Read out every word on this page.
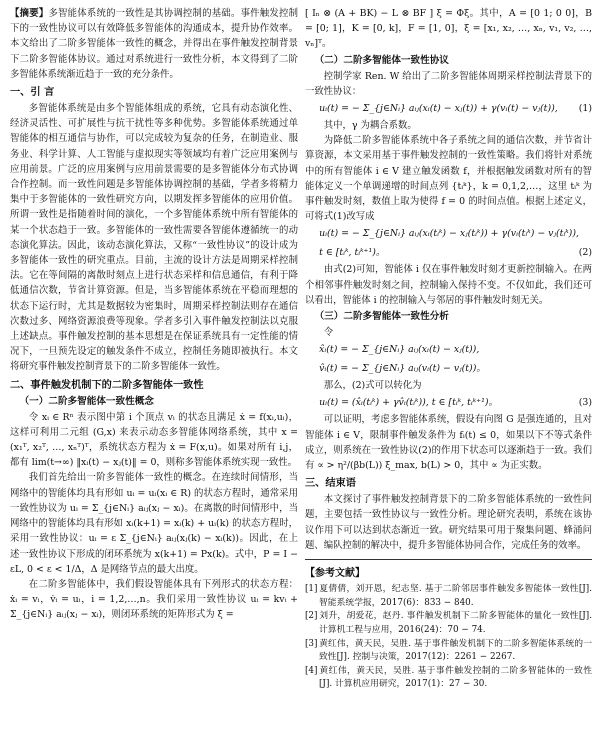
【摘要】多智能体系统的一致性是其协调控制的基础。事件触发控制下的一致性协议可以有效降低多智能体的沟通成本，提升协作效率。本文给出了二阶多智能体一致性的概念，并得出在事件触发控制背景下二阶多智能体协议。通过对系统进行一致性分析，本文得到了二阶多智能体系统渐近趋于一致的充分条件。

一、引 言

多智能体系统是由多个智能体组成的系统，它具有动态演化性、经济灵活性、可扩展性与抗干扰性等多种优势。多智能体系统通过单智能体的相互通信与协作，可以完成较为复杂的任务，在制造业、服务业、科学计算、人工智能与虚拟现实等领域均有着广泛应用案例与应用前景。广泛的应用案例与应用前景需要的是多智能体分布式协调合作控制。而一致性问题是多智能体协调控制的基础，学者多将精力集中于多智能体的一致性研究方向，以期发挥多智能体的应用价值。所谓一致性是指随着时间的演化，一个多智能体系统中所有智能体的某一个状态趋于一致。多智能体的一致性需要各智能体遵循统一的动态演化算法。因此，该动态演化算法，又称“一致性协议”的设计成为多智能体一致性的研究重点。目前，主流的设计方法是周期采样控制法。它在等间隔的离散时刻点上进行状态采样和信息通信，有利于降低通信次数，节省计算资源。但是，当多智能体系统在平稳而理想的状态下运行时，尤其是数据较为密集时，周期采样控制法则存在通信次数过多、网络资源浪费等现象。学者多引入事件触发控制法以克服上述缺点。事件触发控制的基本思想是在保证系统具有一定性能的情况下，一旦预先设定的触发条件不成立，控制任务随即被执行。本文将研究事件触发控制背景下的二阶多智能体一致性。

二、事件触发机制下的二阶多智能体一致性
（一）二阶多智能体一致性概念

令 xᵢ ∈ Rⁿ 表示图中第 i 个顶点 vᵢ 的状态且满足 ẋ = f(xᵢ,uᵢ)，这样可利用二元组 (G,x) 来表示动态多智能体网络系统，其中 x = (x₁ᵀ, x₂ᵀ, …, xₙᵀ)ᵀ，系统状态方程为 ẋ = F(x,u)。如果对所有 i,j，都有 lim(t→∞) ‖xᵢ(t) − xⱼ(t)‖ = 0，则称多智能体系统实现一致性。

我们首先给出一阶多智能体一致性的概念。在连续时间情形，当网络中的智能体均具有形如 uᵢ = uᵢ(xᵢ ∈ R) 的状态方程时，通常采用一致性协议为 uᵢ = Σ_{j∈Nᵢ} aᵢⱼ(xⱼ − xᵢ)。在离散的时间情形中，当网络中的智能体均具有形如 xᵢ(k+1) = xᵢ(k) + uᵢ(k) 的状态方程时，采用一致性协议：uᵢ = ε Σ_{j∈Nᵢ} aᵢⱼ(xⱼ(k) − xᵢ(k))。因此，在上述一致性协议下形成的闭环系统为 x(k+1) = Px(k)。式中，P = I − εL, 0 < ε < 1/Δ，Δ 是网络节点的最大出度。

在二阶多智能体中，我们假设智能体具有下列形式的状态方程：ẋᵢ = vᵢ，v̇ᵢ = uᵢ，i = 1,2,…,n。我们采用一致性协议 uᵢ = kvᵢ + Σ_{j∈Nᵢ} aᵢⱼ(xⱼ − xᵢ)，则闭环系统的矩阵形式为 ξ̇ =

[ Iₙ ⊗ (A + BK) − L ⊗ BF ] ξ = Φξ。其中，A = [0 1; 0 0]，B = [0; 1]，K = [0, k]，F = [1, 0]，ξ = [x₁, x₂, …, xₙ, v₁, v₂, …, vₙ]ᵀ。

（二）二阶多智能体一致性协议

控制学家 Ren. W 给出了二阶多智能体周期采样控制法背景下的一致性协议：

uᵢ(t) = − Σ_{j∈Nᵢ} aᵢⱼ(xᵢ(t) − xⱼ(t)) + γ(vᵢ(t) − vⱼ(t)), (1)

其中，γ 为耦合系数。

为降低二阶多智能体系统中各子系统之间的通信次数，并节省计算资源，本文采用基于事件触发控制的一致性策略。我们将针对系统中的所有智能体 i ∈ V 建立触发函数 f，并根据触发函数对所有的智能体定义一个单调递增的时间点列 {tᵢᵏ}，k = 0,1,2,…，这里 tᵢᵏ 为事件触发时刻，数值上取为使得 f = 0 的时间点值。根据上述定义，可将式(1)改写成

uᵢ(t) = − Σ_{j∈Nᵢ} aᵢⱼ(xᵢ(tᵢᵏ) − xⱼ(tᵢᵏ)) + γ(vᵢ(tᵢᵏ) − vⱼ(tᵢᵏ)),
t ∈ [tᵢᵏ, tᵢᵏ⁺¹)。	(2)

由式(2)可知，智能体 i 仅在事件触发时刻才更新控制输入。在两个相邻事件触发时刻之间，控制输入保持不变。不仅如此，我们还可以看出，智能体 i 的控制输入与邻居的事件触发时刻无关。

（三）二阶多智能体一致性分析

令

x̂ᵢ(t) = − Σ_{j∈Nᵢ} aᵢⱼ(xᵢ(t) − xⱼ(t)),
v̂ᵢ(t) = − Σ_{j∈Nᵢ} aᵢⱼ(vᵢ(t) − vⱼ(t))。

那么，(2)式可以转化为

uᵢ(t) = (x̂ᵢ(tᵢᵏ) + γv̂ᵢ(tᵢᵏ)), t ∈ [tᵢᵏ, tᵢᵏ⁺¹)。	(3)

可以证明，考虑多智能体系统，假设有向图 G 是强连通的，且对智能体 i ∈ V，限制事件触发条件为 fᵢ(t) ≤ 0，如果以下不等式条件成立，则系统在一致性协议(2)的作用下状态可以逐渐趋于一致。我们有 ∝ > η²/(βb(L)) ξ_max, b(L) > 0，其中 ∝ 为正实数。

三、结束语

本文探讨了事件触发控制背景下的二阶多智能体系统的一致性问题，主要包括一致性协议与一致性分析。理论研究表明，系统在该协议作用下可以达到状态渐近一致。研究结果可用于聚集问题、蜂涌问题、编队控制的解决中，提升多智能体协同合作，完成任务的效率。

【参考文献】

[1] 夏倩倩，刘开恩，纪志坚. 基于二阶邻居事件触发多智能体一致性[J]. 智能系统学报，2017(6)：833 − 840.

[2] 刘升，胡爱花，赵丹. 事件触发机制下二阶多智能体的量化一致性[J]. 计算机工程与应用，2016(24)：70 − 74.

[3] 黄红伟，黄天民，吴胜. 基于事件触发机制下的二阶多智能体系统的一致性[J]. 控制与决策，2017(12)：2261 − 2267.

[4] 黄红伟，黄天民，吴胜. 基于事件触发控制的二阶多智能体的一致性[J]. 计算机应用研究，2017(1)：27 − 30.
